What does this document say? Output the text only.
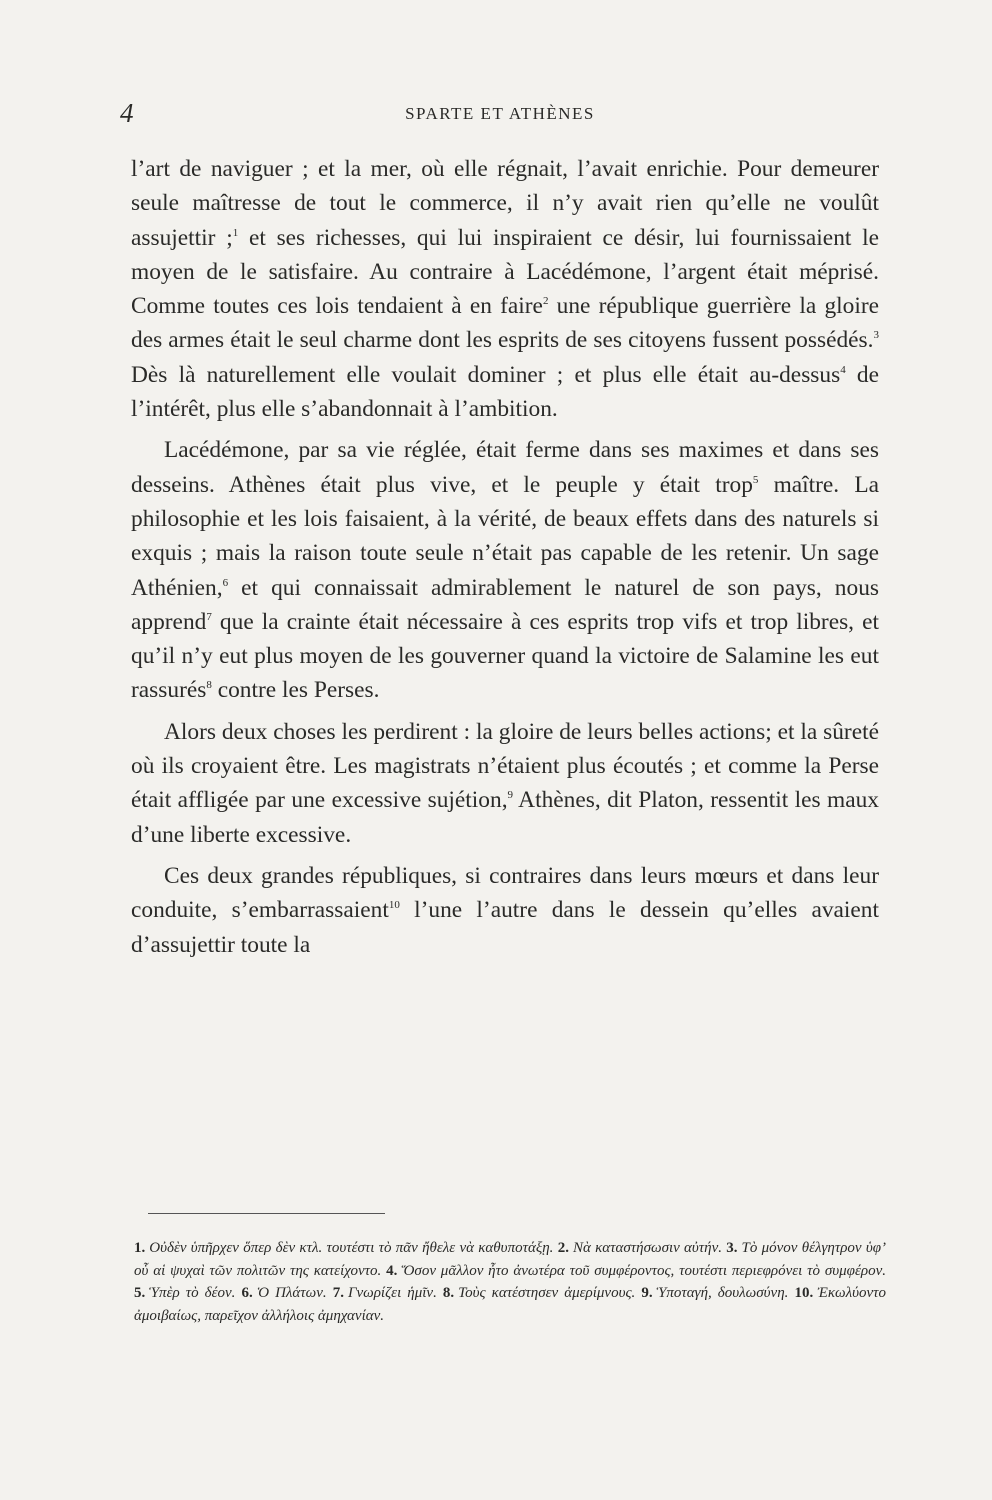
4	SPARTE ET ATHÈNES

l’art de naviguer ; et la mer, où elle régnait, l’avait enrichie. Pour demeurer seule maîtresse de tout le commerce, il n’y avait rien qu’elle ne voulût assujettir ;$^1$ et ses richesses, qui lui inspiraient ce désir, lui fournissaient le moyen de le satisfaire. Au contraire à Lacédémone, l’argent était méprisé. Comme toutes ces lois tendaient à en faire$^2$ une république guerrière la gloire des armes était le seul charme dont les esprits de ses citoyens fussent possédés.$^3$ Dès là naturellement elle voulait dominer ; et plus elle était au-dessus$^4$ de l’intérêt, plus elle s’abandonnait à l’ambition.

Lacédémone, par sa vie réglée, était ferme dans ses maximes et dans ses desseins. Athènes était plus vive, et le peuple y était trop$^5$ maître. La philosophie et les lois faisaient, à la vérité, de beaux effets dans des naturels si exquis ; mais la raison toute seule n’était pas capable de les retenir. Un sage Athénien,$^6$ et qui connaissait admirablement le naturel de son pays, nous apprend$^7$ que la crainte était nécessaire à ces esprits trop vifs et trop libres, et qu’il n’y eut plus moyen de les gouverner quand la victoire de Salamine les eut rassurés$^8$ contre les Perses.

Alors deux choses les perdirent : la gloire de leurs belles actions; et la sûreté où ils croyaient être. Les magistrats n’étaient plus écoutés ; et comme la Perse était affligée par une excessive sujétion,$^9$ Athènes, dit Platon, ressentit les maux d’une liberte excessive.

Ces deux grandes républiques, si contraires dans leurs mœurs et dans leur conduite, s’embarrassaient$^{10}$ l’une l’autre dans le dessein qu’elles avaient d’assujettir toute la

1. Οὐδὲν ὑπῆρχεν ὅπερ δὲν κτλ. τουτέστι τὸ πᾶν ἤθελε νὰ καθυποτάξῃ. 2. Νὰ καταστήσωσιν αὐτήν. 3. Τὸ μόνον θέλγητρον ὑφ’ οὗ αἱ ψυχαὶ τῶν πολιτῶν της κατείχοντο. 4. Ὅσον μᾶλλον ἦτο ἀνωτέρα τοῦ συμφέροντος, τουτέστι περιεφρόνει τὸ συμφέρον.5. Ὑπὲρ τὸ δέον. 6. Ὁ Πλάτων. 7. Γνωρίζει ἡμῖν. 8. Τοὺς κατέστησεν ἀμερίμνους. 9. Ὑποταγή, δουλωσύνη. 10. Ἐκωλύοντο ἀμοιβαίως, παρεῖχον ἀλλήλοις ἀμηχανίαν.
